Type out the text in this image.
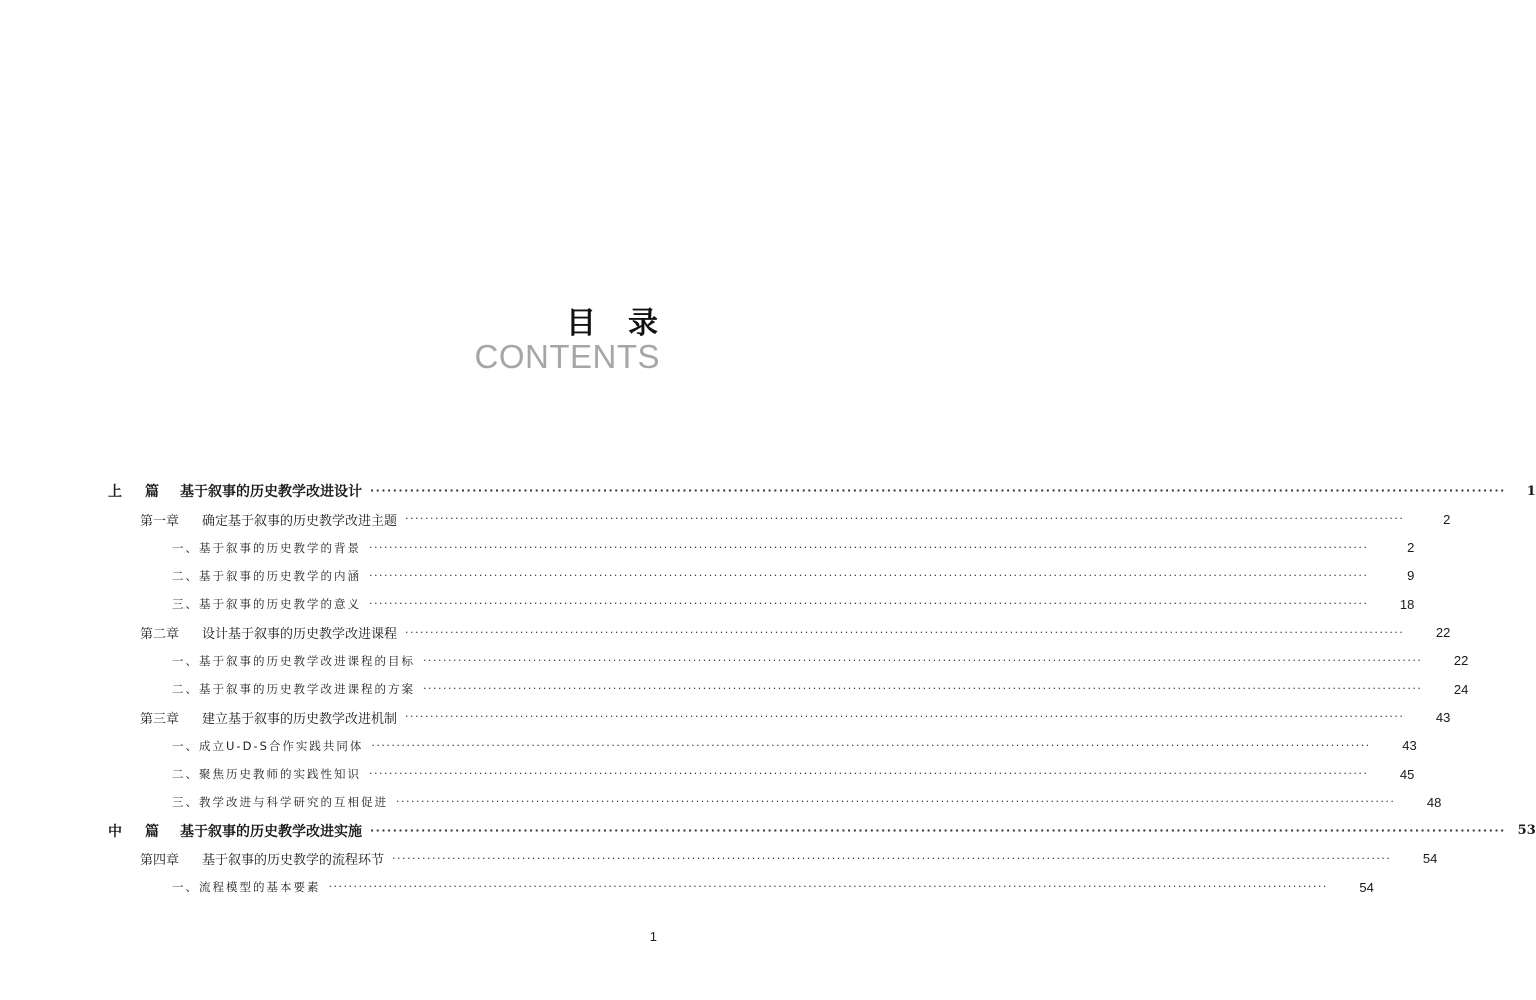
目 录
CONTENTS
上 篇 基于叙事的历史教学改进设计 ········································································································································································································	1
第一章 确定基于叙事的历史教学改进主题 ········································································································································································································	2
一、基于叙事的历史教学的背景 ········································································································································································································	2
二、基于叙事的历史教学的内涵 ········································································································································································································	9
三、基于叙事的历史教学的意义 ········································································································································································································	18
第二章 设计基于叙事的历史教学改进课程 ········································································································································································································	22
一、基于叙事的历史教学改进课程的目标 ········································································································································································································	22
二、基于叙事的历史教学改进课程的方案 ········································································································································································································	24
第三章 建立基于叙事的历史教学改进机制 ········································································································································································································	43
一、成立U-D-S合作实践共同体 ········································································································································································································	43
二、聚焦历史教师的实践性知识 ········································································································································································································	45
三、教学改进与科学研究的互相促进 ········································································································································································································	48
中 篇 基于叙事的历史教学改进实施 ········································································································································································································ 53
第四章 基于叙事的历史教学的流程环节 ········································································································································································································	54
一、流程模型的基本要素 ········································································································································································································	54
1
